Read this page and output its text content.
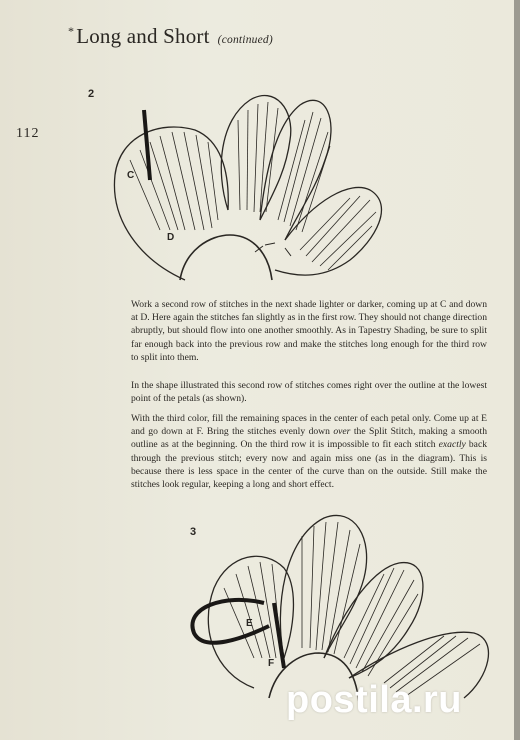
*Long and Short (continued)
112
2
C
D
Work a second row of stitches in the next shade lighter or darker, coming up at C and down at D. Here again the stitches fan slightly as in the first row. They should not change direction abruptly, but should flow into one another smoothly. As in Tapestry Shading, be sure to split far enough back into the previous row and make the stitches long enough for the third row to split into them.
In the shape illustrated this second row of stitches comes right over the outline at the lowest point of the petals (as shown).
With the third color, fill the remaining spaces in the center of each petal only. Come up at E and go down at F. Bring the stitches evenly down over the Split Stitch, making a smooth outline as at the beginning. On the third row it is impossible to fit each stitch exactly back through the previous stitch; every now and again miss one (as in the diagram). This is because there is less space in the center of the curve than on the outside. Still make the stitches look regular, keeping a long and short effect.
3
E
F
postila.ru
